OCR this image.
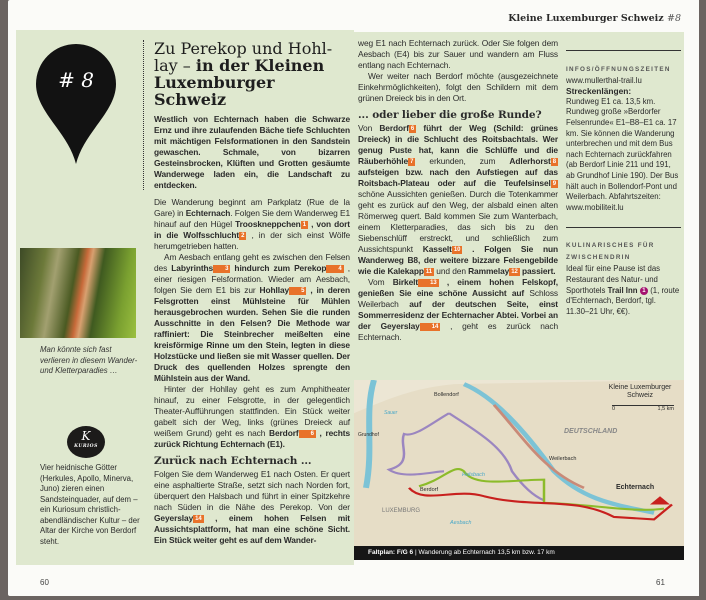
# 8
Man könnte sich fast verlieren in diesem Wander- und Kletterparadies …
K
KURIOS
Vier heidnische Götter (Herkules, Apollo, Minerva, Juno) zieren einen Sandsteinquader, auf dem – ein Kuriosum christlich-abendländischer Kultur – der Altar der Kirche von Berdorf steht.
Zu Perekop und Hohllay – in der Kleinen Luxemburger Schweiz

Westlich von Echternach haben die Schwarze Ernz und ihre zulaufenden Bäche tiefe Schluchten mit mächtigen Felsformationen in den Sandstein gewaschen. Schmale, von bizarren Gesteinsbrocken, Klüften und Grotten gesäumte Wanderwege laden ein, die Landschaft zu entdecken.

Die Wanderung beginnt am Parkplatz (Rue de la Gare) in Echternach. Folgen Sie dem Wanderweg E1 hinauf auf den Hügel Trooskneppchen 1 , von dort in die Wolfsschlucht 2 , in der sich einst Wölfe herumgetrieben hatten.

Am Aesbach entlang geht es zwischen den Felsen des Labyrinths 3 hindurch zum Perekop 4 , einer riesigen Felsformation. Wieder am Aesbach, folgen Sie dem E1 bis zur Hohllay 5 , in deren Felsgrotten einst Mühlsteine für Mühlen herausgebrochen wurden. Sehen Sie die runden Ausschnitte in den Felsen? Die Methode war raffiniert: Die Steinbrecher meißelten eine kreisförmige Rinne um den Stein, legten in diese Holzstücke und ließen sie mit Wasser quellen. Der Druck des quellenden Holzes sprengte den Mühlstein aus der Wand.

Hinter der Hohllay geht es zum Amphitheater hinauf, zu einer Felsgrotte, in der gelegentlich Theater-Aufführungen stattfinden. Ein Stück weiter gabelt sich der Weg, links (grünes Dreieck auf weißem Grund) geht es nach Berdorf 6 , rechts zurück Richtung Echternach (E1).

Zurück nach Echternach ...

Folgen Sie dem Wanderweg E1 nach Osten. Er quert eine asphaltierte Straße, setzt sich nach Norden fort, überquert den Halsbach und führt in einer Spitzkehre nach Süden in die Nähe des Perekop. Von der Geyerslay 14 , einem hohen Felsen mit Aussichtsplattform, hat man eine schöne Sicht. Ein Stück weiter geht es auf dem Wander-

60
Kleine Luxemburger Schweiz #8

weg E1 nach Echternach zurück. Oder Sie folgen dem Aesbach (E4) bis zur Sauer und wandern am Fluss entlang nach Echternach.

Wer weiter nach Berdorf möchte (ausgezeichnete Einkehrmöglichkeiten), folgt den Schildern mit dem grünen Dreieck bis in den Ort.

... oder lieber die große Runde?

Von Berdorf 6 führt der Weg (Schild: grünes Dreieck) in die Schlucht des Roitsbachtals. Wer genug Puste hat, kann die Schlüffe und die Räuberhöhle 7 erkunden, zum Adlerhorst 8 aufsteigen bzw. nach den Aufstiegen auf das Roitsbach-Plateau oder auf die Teufelsinsel 9 schöne Aussichten genießen. Durch die Totenkammer geht es zurück auf den Weg, der alsbald einen alten Römerweg quert. Bald kommen Sie zum Wanterbach, einem Kletterparadies, das sich bis zu den Siebenschlüff erstreckt, und schließlich zum Aussichtspunkt Kasselt 10 . Folgen Sie nun Wanderweg B8, der weitere bizzare Felsengebilde wie die Kalekapp 11 und den Rammelay 12 passiert.

Vom Birkelt 13 , einem hohen Felskopf, genießen Sie eine schöne Aussicht auf Schloss Weilerbach auf der deutschen Seite, einst Sommerresidenz der Echternacher Abtei. Vorbei an der Geyerslay 14 , geht es zurück nach Echternach.

INFOS/ÖFFNUNGSZEITEN
www.mullerthal-trail.lu
Streckenlängen:
Rundweg E1 ca. 13,5 km. Rundweg große »Berdorfer Felsenrunde« E1–B8–E1 ca. 17 km. Sie können die Wanderung unterbrechen und mit dem Bus nach Echternach zurückfahren (ab Berdorf Linie 211 und 191, ab Grundhof Linie 190). Der Bus hält auch in Bollendorf-Pont und Weilerbach. Abfahrtszeiten: www.mobiliteit.lu
KULINARISCHES FÜR ZWISCHENDRIN
Ideal für eine Pause ist das Restaurant des Natur- und Sporthotels Trail Inn 1 (1, route d'Echternach, Berdorf, tgl. 11.30–21 Uhr, €€).
Kleine Luxemburger Schweiz
0	1,5 km
Bollendorf
Grundhof
Sauer
Weilerbach
Berdorf
Halsbach
Aesbach
LUXEMBURG
DEUTSCHLAND
Echternach
Faltplan: F/G 6 | Wanderung ab Echternach 13,5 km bzw. 17 km
61
